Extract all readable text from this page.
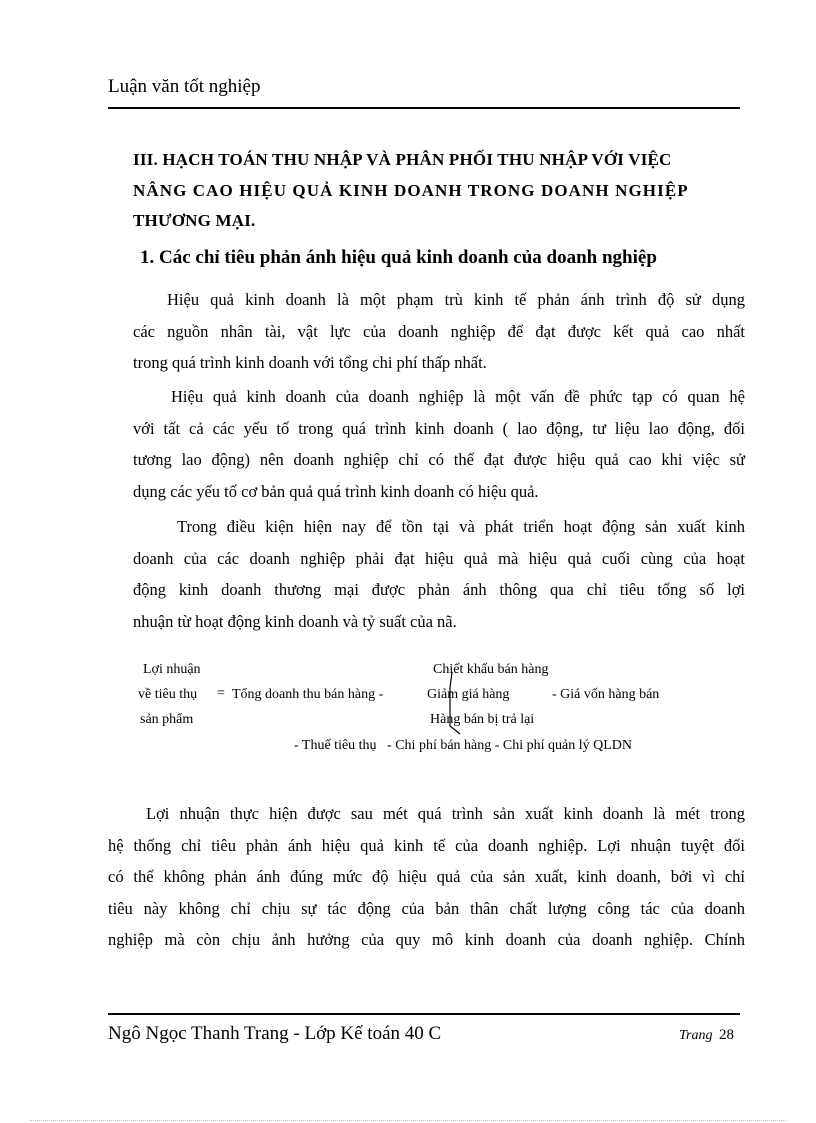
Luận văn tốt nghiệp
III. HẠCH TOÁN THU NHẬP VÀ PHÂN PHỐI THU NHẬP VỚI VIỆC
NÂNG CAO HIỆU QUẢ KINH DOANH TRONG DOANH NGHIỆP
THƯƠNG MẠI.
1. Các chỉ tiêu phản ánh hiệu quả kinh doanh của doanh nghiệp
Hiệu quả kinh doanh là một phạm trù kinh tế phản ánh trình độ sử dụng
các nguồn nhân tài, vật lực của doanh nghiệp để đạt được kết quả cao nhất
trong quá trình kinh doanh với tổng chi phí thấp nhất.
Hiệu quả kinh doanh của doanh nghiệp là một vấn đề phức tạp có quan hệ
với tất cả các yếu tố trong quá trình kinh doanh ( lao động, tư liệu lao động, đối
tương lao động) nên doanh nghiệp chỉ có thể đạt được hiệu quả cao khi việc sử
dụng các yếu tố cơ bản quả quá trình kinh doanh có hiệu quả.
Trong điều kiện hiện nay để tồn tại và phát triển hoạt động sản xuất kinh
doanh của các doanh nghiệp phải đạt hiệu quả mà hiệu quả cuối cùng của hoạt
động kinh doanh thương mại được phản ánh thông qua chỉ tiêu tổng số lợi
nhuận từ hoạt động kinh doanh và tỷ suất của nã.
Lợi nhuận
về tiêu thụ
sản phẩm
= Tổng doanh thu bán hàng -
Chiết khấu bán hàng
Giảm giá hàng
Hàng bán bị trả lại
- Giá vốn hàng bán
- Thuế tiêu thụ   - Chi phí bán hàng - Chi phí quản lý QLDN
Lợi nhuận thực hiện được sau mét quá trình sản xuất kinh doanh là mét trong
hệ thống chỉ tiêu phản ánh hiệu quả kinh tế của doanh nghiệp. Lợi nhuận tuyệt đối
có thể không phản ánh đúng mức độ hiệu quả của sản xuất, kinh doanh, bởi vì chỉ
tiêu này không chỉ chịu sự tác động của bản thân chất lượng công tác của doanh
nghiệp mà còn chịu ảnh hưởng của quy mô kinh doanh của doanh nghiệp. Chính
Ngô Ngọc Thanh Trang - Lớp Kế toán 40 C	Trang 28
